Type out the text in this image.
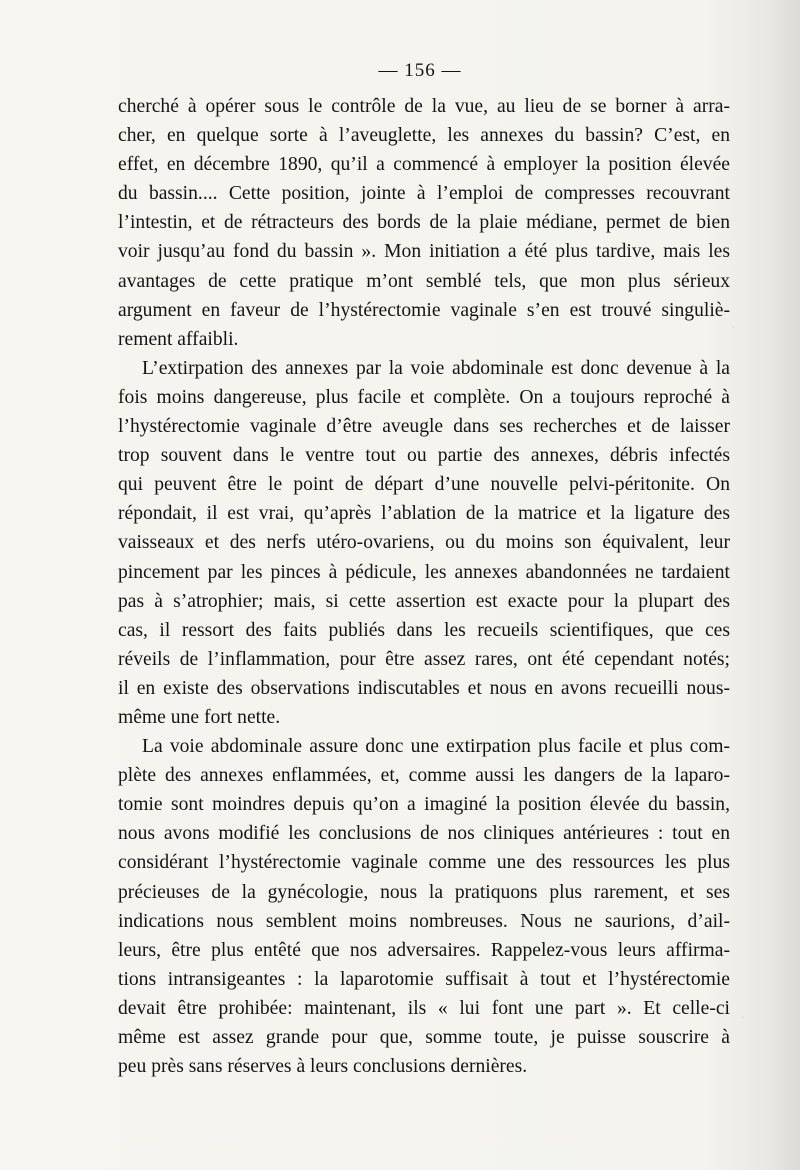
·
·
— 156 —
cherché à opérer sous le contrôle de la vue, au lieu de se borner à arra-
cher, en quelque sorte à l’aveuglette, les annexes du bassin? C’est, en
effet, en décembre 1890, qu’il a commencé à employer la position élevée
du bassin.... Cette position, jointe à l’emploi de compresses recouvrant
l’intestin, et de rétracteurs des bords de la plaie médiane, permet de bien
voir jusqu’au fond du bassin ». Mon initiation a été plus tardive, mais les
avantages de cette pratique m’ont semblé tels, que mon plus sérieux
argument en faveur de l’hystérectomie vaginale s’en est trouvé singuliè-
rement affaibli.
L’extirpation des annexes par la voie abdominale est donc devenue à la
fois moins dangereuse, plus facile et complète. On a toujours reproché à
l’hystérectomie vaginale d’être aveugle dans ses recherches et de laisser
trop souvent dans le ventre tout ou partie des annexes, débris infectés
qui peuvent être le point de départ d’une nouvelle pelvi-péritonite. On
répondait, il est vrai, qu’après l’ablation de la matrice et la ligature des
vaisseaux et des nerfs utéro-ovariens, ou du moins son équivalent, leur
pincement par les pinces à pédicule, les annexes abandonnées ne tardaient
pas à s’atrophier; mais, si cette assertion est exacte pour la plupart des
cas, il ressort des faits publiés dans les recueils scientifiques, que ces
réveils de l’inflammation, pour être assez rares, ont été cependant notés;
il en existe des observations indiscutables et nous en avons recueilli nous-
même une fort nette.
La voie abdominale assure donc une extirpation plus facile et plus com-
plète des annexes enflammées, et, comme aussi les dangers de la laparo-
tomie sont moindres depuis qu’on a imaginé la position élevée du bassin,
nous avons modifié les conclusions de nos cliniques antérieures : tout en
considérant l’hystérectomie vaginale comme une des ressources les plus
précieuses de la gynécologie, nous la pratiquons plus rarement, et ses
indications nous semblent moins nombreuses. Nous ne saurions, d’ail-
leurs, être plus entêté que nos adversaires. Rappelez-vous leurs affirma-
tions intransigeantes : la laparotomie suffisait à tout et l’hystérectomie
devait être prohibée: maintenant, ils « lui font une part ». Et celle-ci
même est assez grande pour que, somme toute, je puisse souscrire à
peu près sans réserves à leurs conclusions dernières.
